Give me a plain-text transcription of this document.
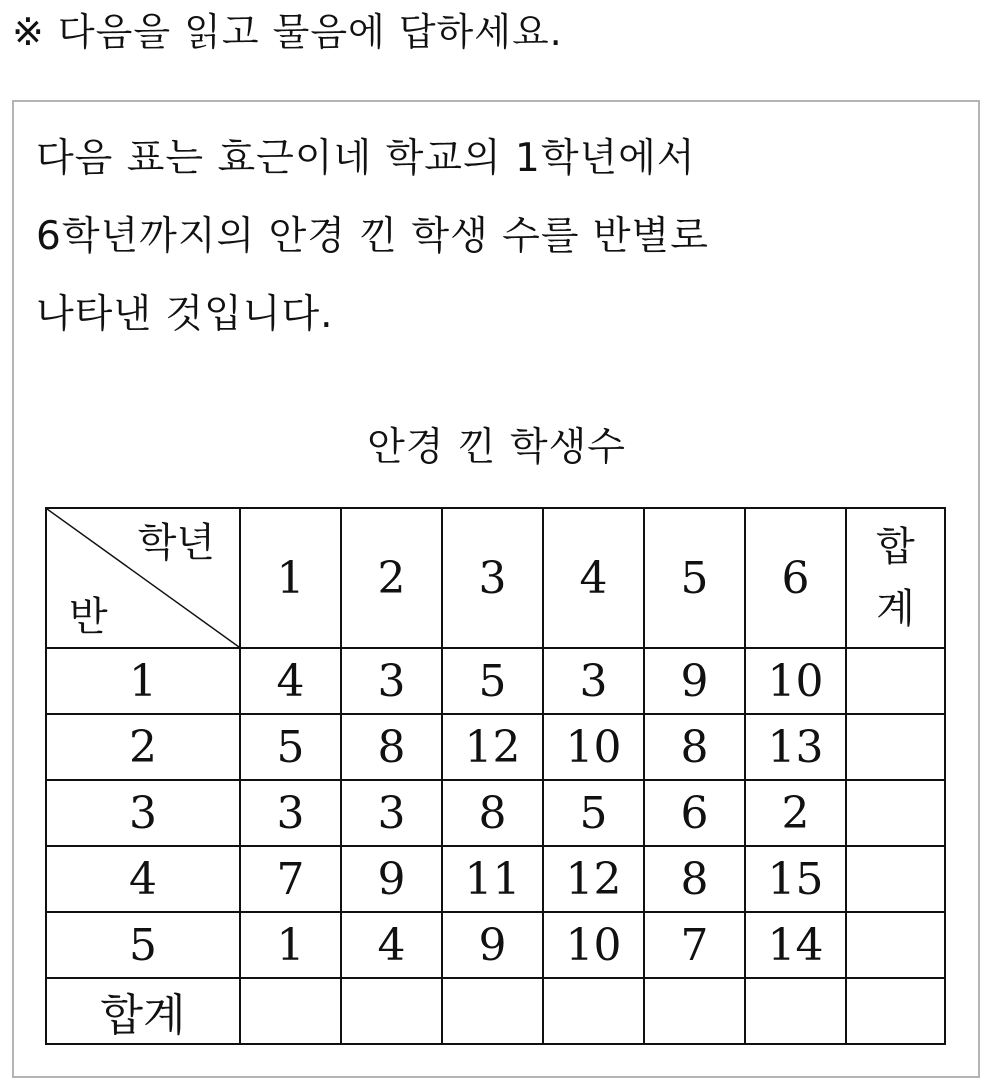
※ 다음을 읽고 물음에 답하세요.
다음 표는 효근이네 학교의 1학년에서
6학년까지의 안경 낀 학생 수를 반별로
나타낸 것입니다.
안경 낀 학생수
학년
반	1	2	3	4	5	6	합
계

1	4	3	5	3	9	10	
2	5	8	12	10	8	13	
3	3	3	8	5	6	2	
4	7	9	11	12	8	15	
5	1	4	9	10	7	14	
합계							
